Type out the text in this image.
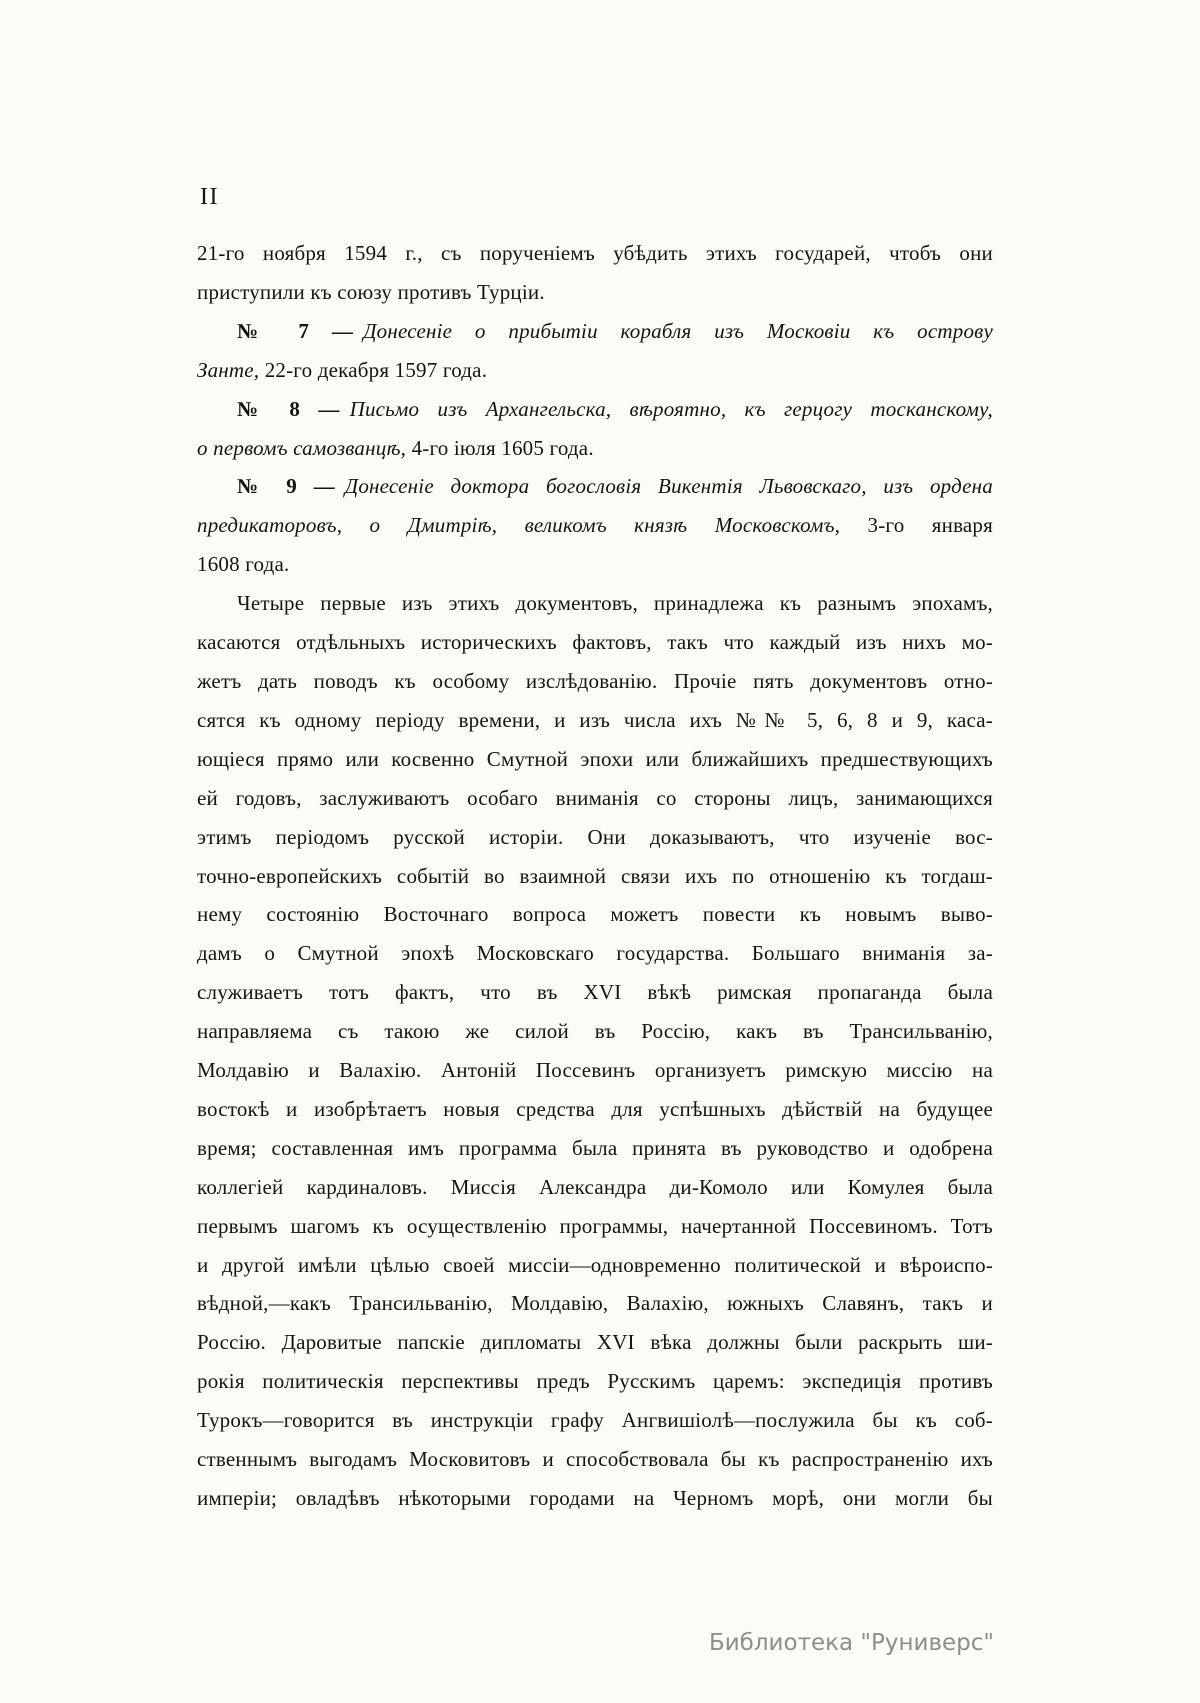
II
21-го ноября 1594 г., съ порученіемъ убѣдить этихъ государей, чтобъ они
приступили къ союзу противъ Турціи.
№ 7 — Донесеніе о прибытіи корабля изъ Московіи къ острову
Занте, 22-го декабря 1597 года.
№ 8 — Письмо изъ Архангельска, вѣроятно, къ герцогу тосканскому,
о первомъ самозванцѣ, 4-го іюля 1605 года.
№ 9 — Донесеніе доктора богословія Викентія Львовскаго, изъ ордена
предикаторовъ, о Дмитріѣ, великомъ князѣ Московскомъ, 3-го января
1608 года.
Четыре первые изъ этихъ документовъ, принадлежа къ разнымъ эпохамъ,
касаются отдѣльныхъ историческихъ фактовъ, такъ что каждый изъ нихъ мо-
жетъ дать поводъ къ особому изслѣдованію. Прочіе пять документовъ отно-
сятся къ одному періоду времени, и изъ числа ихъ №№ 5, 6, 8 и 9, каса-
ющіеся прямо или косвенно Смутной эпохи или ближайшихъ предшествующихъ
ей годовъ, заслуживаютъ особаго вниманія со стороны лицъ, занимающихся
этимъ періодомъ русской исторіи. Они доказываютъ, что изученіе вос-
точно-европейскихъ событій во взаимной связи ихъ по отношенію къ тогдаш-
нему состоянію Восточнаго вопроса можетъ повести къ новымъ выво-
дамъ о Смутной эпохѣ Московскаго государства. Большаго вниманія за-
служиваетъ тотъ фактъ, что въ XVI вѣкѣ римская пропаганда была
направляема съ такою же силой въ Россію, какъ въ Трансильванію,
Молдавію и Валахію. Антоній Поссевинъ организуетъ римскую миссію на
востокѣ и изобрѣтаетъ новыя средства для успѣшныхъ дѣйствій на будущее
время; составленная имъ программа была принята въ руководство и одобрена
коллегіей кардиналовъ. Миссія Александра ди-Комоло или Комулея была
первымъ шагомъ къ осуществленію программы, начертанной Поссевиномъ. Тотъ
и другой имѣли цѣлью своей миссіи—одновременно политической и вѣроиспо-
вѣдной,—какъ Трансильванію, Молдавію, Валахію, южныхъ Славянъ, такъ и
Россію. Даровитые папскіе дипломаты XVI вѣка должны были раскрыть ши-
рокія политическія перспективы предъ Русскимъ царемъ: экспедиція противъ
Турокъ—говорится въ инструкціи графу Ангвишіолѣ—послужила бы къ соб-
ственнымъ выгодамъ Московитовъ и способствовала бы къ распространенію ихъ
имперіи; овладѣвъ нѣкоторыми городами на Черномъ морѣ, они могли бы
Библиотека "Руниверс"
